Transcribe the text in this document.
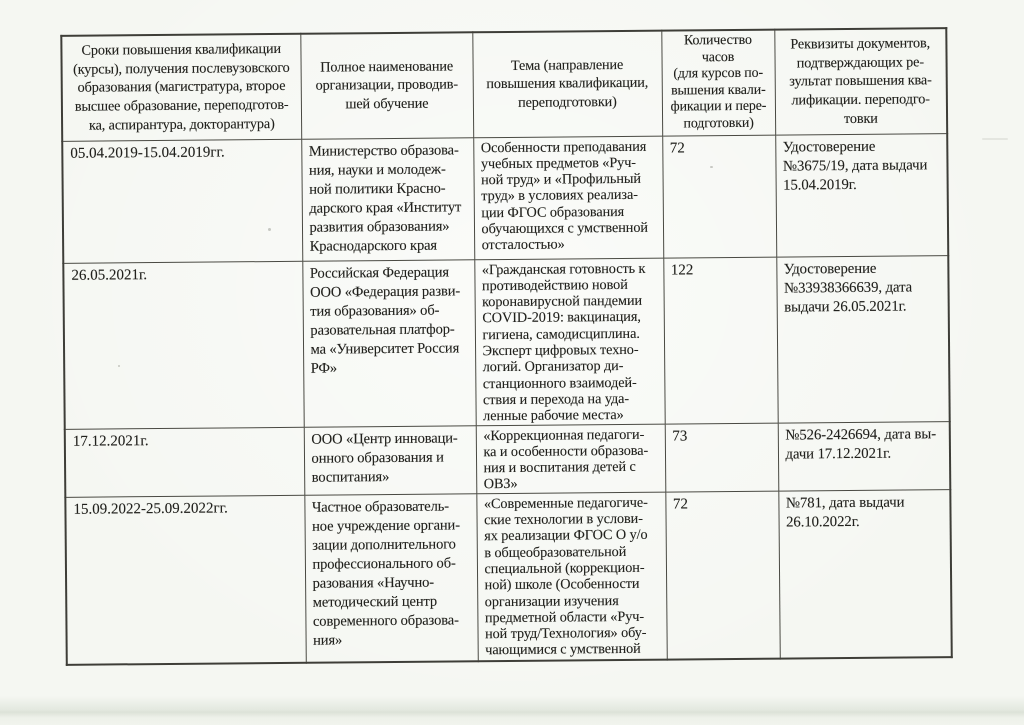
Сроки повышения квалификации
(курсы), получения послевузовского
образования (магистратура, второе
высшее образование, переподготов-
ка, аспирантура, докторантура)	Полное наименование
организации, проводив-
шей обучение	Тема (направление
повышения квалификации,
переподготовки)	Количество
часов
(для курсов по-
вышения квали-
фикации и пере-
подготовки)	Реквизиты документов,
подтверждающих ре-
зультат повышения ква-
лификации. переподго-
товки
05.04.2019-15.04.2019гг.	Министерство образова-
ния, науки и молодеж-
ной политики Красно-
дарского края «Институт
развития образования»
Краснодарского края	Особенности преподавания
учебных предметов «Руч-
ной труд» и «Профильный
труд» в условиях реализа-
ции ФГОС образования
обучающихся с умственной
отсталостью»	72	Удостоверение
№3675/19, дата выдачи
15.04.2019г.
26.05.2021г.	Российская Федерация
ООО «Федерация разви-
тия образования» об-
разовательная платфор-
ма «Университет Россия
РФ»	«Гражданская готовность к
противодействию новой
коронавирусной пандемии
COVID-2019: вакцинация,
гигиена, самодисциплина.
Эксперт цифровых техно-
логий. Организатор ди-
станционного взаимодей-
ствия и перехода на уда-
ленные рабочие места»	122	Удостоверение
№33938366639, дата
выдачи 26.05.2021г.
17.12.2021г.	ООО «Центр инноваци-
онного образования и
воспитания»	«Коррекционная педагоги-
ка и особенности образова-
ния и воспитания детей с
ОВЗ»	73	№526-2426694, дата вы-
дачи 17.12.2021г.
15.09.2022-25.09.2022гг.	Частное образователь-
ное учреждение органи-
зации дополнительного
профессионального об-
разования «Научно-
методический центр
современного образова-
ния»	«Современные педагогиче-
ские технологии в услови-
ях реализации ФГОС О у/о
в общеобразовательной
специальной (коррекцион-
ной) школе (Особенности
организации изучения
предметной области «Руч-
ной труд/Технология» обу-
чающимися с умственной	72	№781, дата выдачи
26.10.2022г.
